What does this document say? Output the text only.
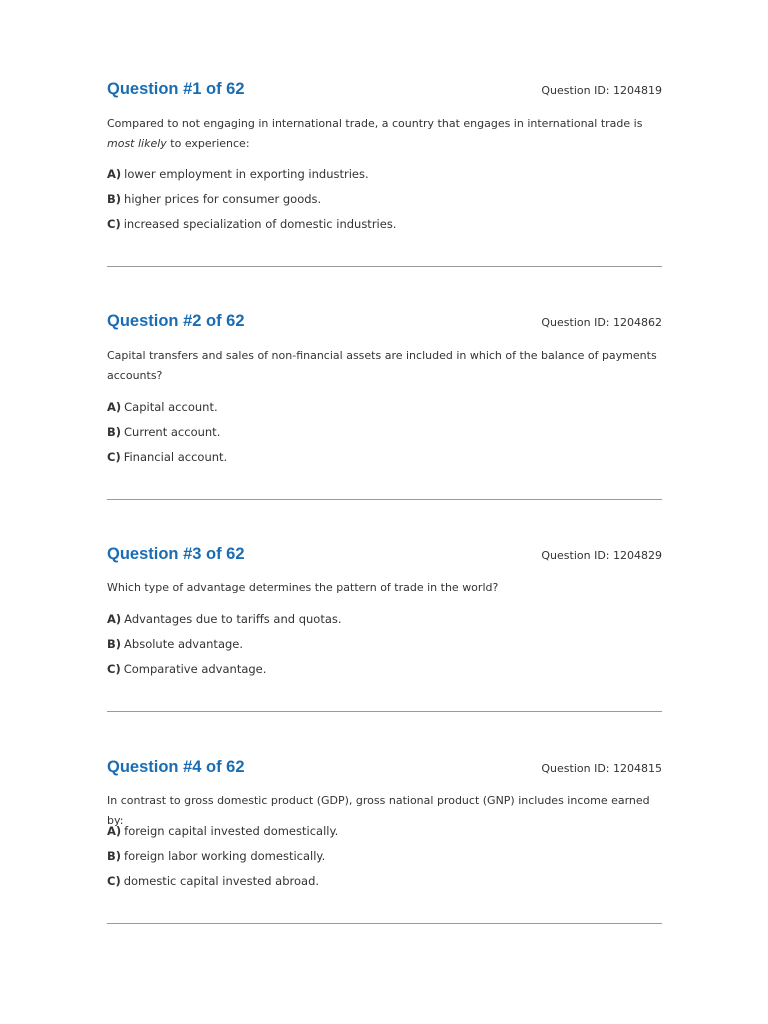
Question #1 of 62	Question ID: 1204819
Compared to not engaging in international trade, a country that engages in international trade is most likely to experience:
A) lower employment in exporting industries.
B) higher prices for consumer goods.
C) increased specialization of domestic industries.
Question #2 of 62	Question ID: 1204862
Capital transfers and sales of non-financial assets are included in which of the balance of payments accounts?
A) Capital account.
B) Current account.
C) Financial account.
Question #3 of 62	Question ID: 1204829
Which type of advantage determines the pattern of trade in the world?
A) Advantages due to tariffs and quotas.
B) Absolute advantage.
C) Comparative advantage.
Question #4 of 62	Question ID: 1204815
In contrast to gross domestic product (GDP), gross national product (GNP) includes income earned by:
A) foreign capital invested domestically.
B) foreign labor working domestically.
C) domestic capital invested abroad.
